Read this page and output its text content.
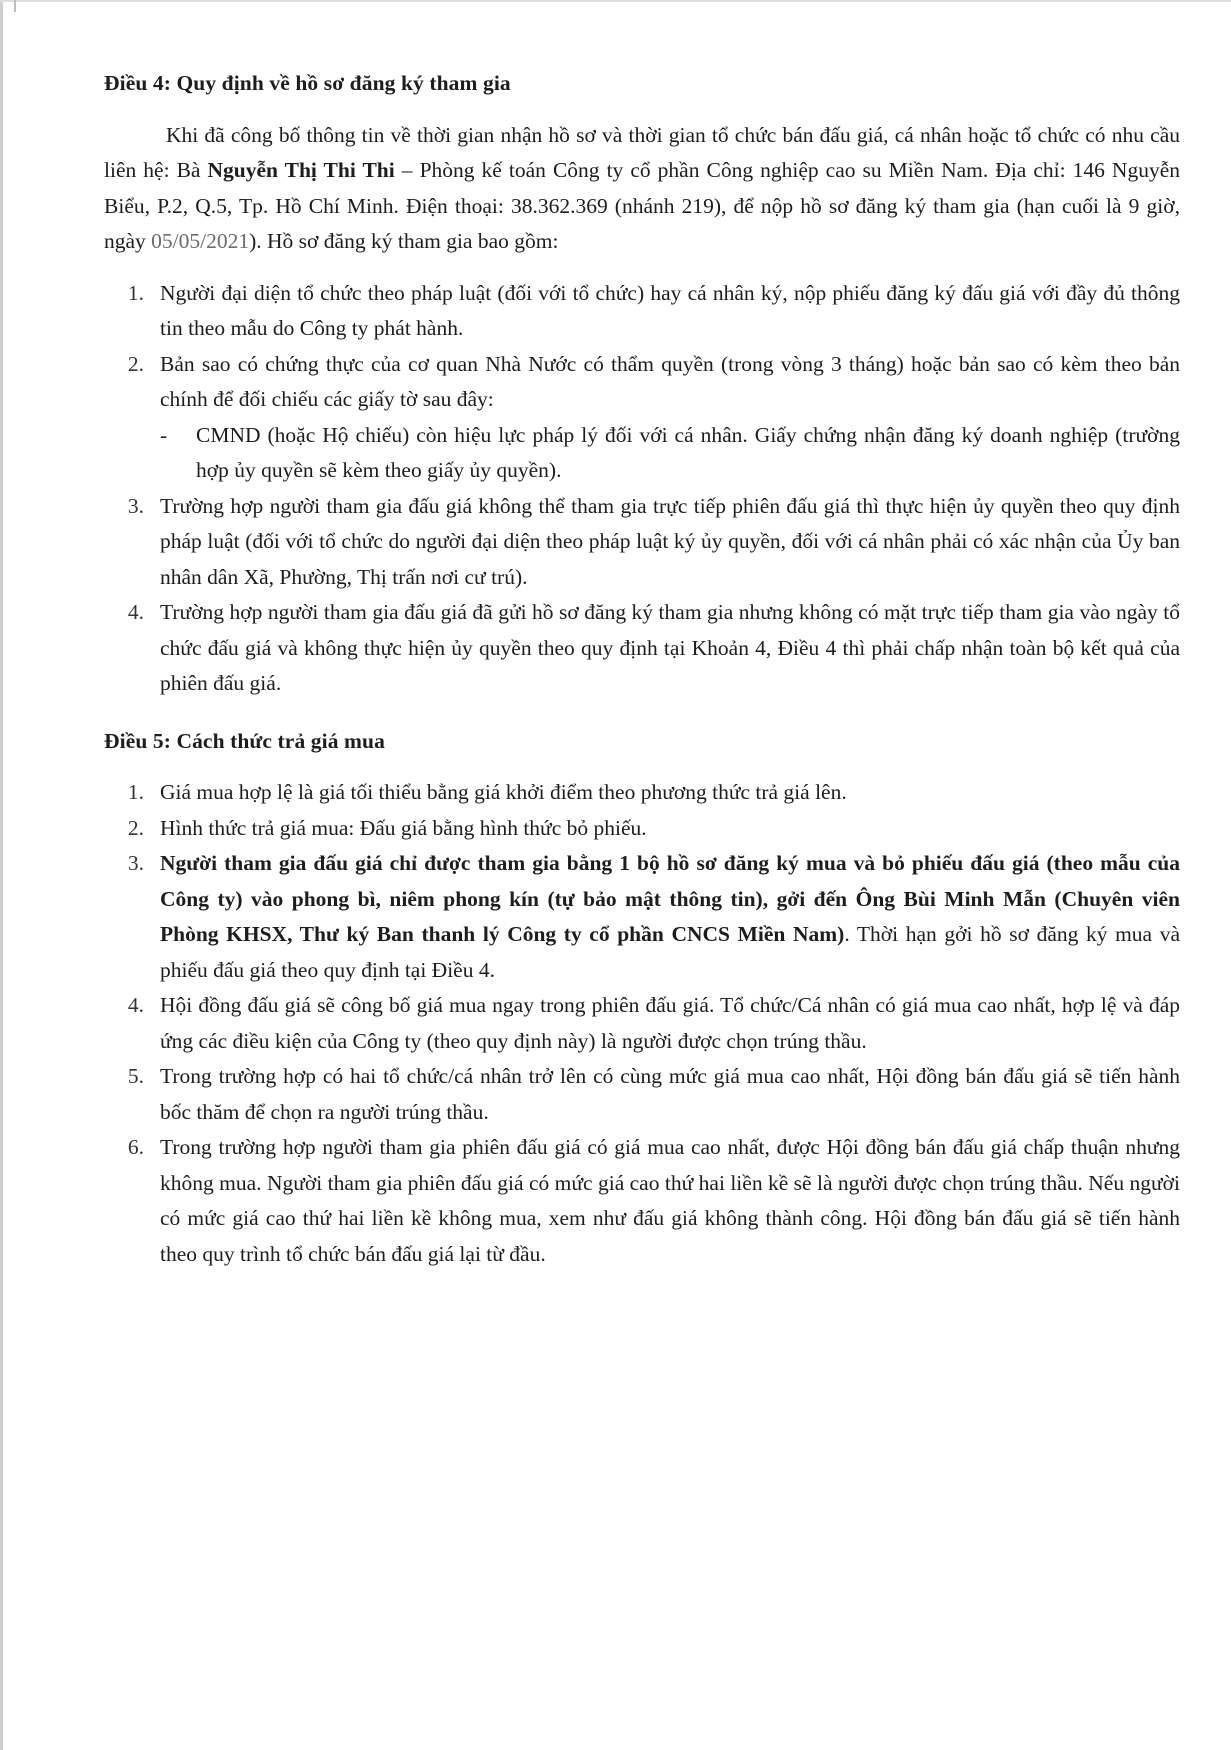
Điều 4: Quy định về hồ sơ đăng ký tham gia

Khi đã công bố thông tin về thời gian nhận hồ sơ và thời gian tổ chức bán đấu giá, cá nhân hoặc tổ chức có nhu cầu liên hệ: Bà Nguyễn Thị Thi Thi – Phòng kế toán Công ty cổ phần Công nghiệp cao su Miền Nam. Địa chỉ: 146 Nguyễn Biểu, P.2, Q.5, Tp. Hồ Chí Minh. Điện thoại: 38.362.369 (nhánh 219), để nộp hồ sơ đăng ký tham gia (hạn cuối là 9 giờ, ngày 05/05/2021). Hồ sơ đăng ký tham gia bao gồm:

1. Người đại diện tổ chức theo pháp luật (đối với tổ chức) hay cá nhân ký, nộp phiếu đăng ký đấu giá với đầy đủ thông tin theo mẫu do Công ty phát hành.
2. Bản sao có chứng thực của cơ quan Nhà Nước có thẩm quyền (trong vòng 3 tháng) hoặc bản sao có kèm theo bản chính để đối chiếu các giấy tờ sau đây:
-	CMND (hoặc Hộ chiếu) còn hiệu lực pháp lý đối với cá nhân. Giấy chứng nhận đăng ký doanh nghiệp (trường hợp ủy quyền sẽ kèm theo giấy ủy quyền).
3. Trường hợp người tham gia đấu giá không thể tham gia trực tiếp phiên đấu giá thì thực hiện ủy quyền theo quy định pháp luật (đối với tổ chức do người đại diện theo pháp luật ký ủy quyền, đối với cá nhân phải có xác nhận của Ủy ban nhân dân Xã, Phường, Thị trấn nơi cư trú).
4. Trường hợp người tham gia đấu giá đã gửi hồ sơ đăng ký tham gia nhưng không có mặt trực tiếp tham gia vào ngày tổ chức đấu giá và không thực hiện ủy quyền theo quy định tại Khoản 4, Điều 4 thì phải chấp nhận toàn bộ kết quả của phiên đấu giá.

Điều 5: Cách thức trả giá mua

1. Giá mua hợp lệ là giá tối thiểu bằng giá khởi điểm theo phương thức trả giá lên.
2. Hình thức trả giá mua: Đấu giá bằng hình thức bỏ phiếu.
3. Người tham gia đấu giá chỉ được tham gia bằng 1 bộ hồ sơ đăng ký mua và bỏ phiếu đấu giá (theo mẫu của Công ty) vào phong bì, niêm phong kín (tự bảo mật thông tin), gởi đến Ông Bùi Minh Mẫn (Chuyên viên Phòng KHSX, Thư ký Ban thanh lý Công ty cổ phần CNCS Miền Nam). Thời hạn gởi hồ sơ đăng ký mua và phiếu đấu giá theo quy định tại Điều 4.
4. Hội đồng đấu giá sẽ công bố giá mua ngay trong phiên đấu giá. Tổ chức/Cá nhân có giá mua cao nhất, hợp lệ và đáp ứng các điều kiện của Công ty (theo quy định này) là người được chọn trúng thầu.
5. Trong trường hợp có hai tổ chức/cá nhân trở lên có cùng mức giá mua cao nhất, Hội đồng bán đấu giá sẽ tiến hành bốc thăm để chọn ra người trúng thầu.
6. Trong trường hợp người tham gia phiên đấu giá có giá mua cao nhất, được Hội đồng bán đấu giá chấp thuận nhưng không mua. Người tham gia phiên đấu giá có mức giá cao thứ hai liền kề sẽ là người được chọn trúng thầu. Nếu người có mức giá cao thứ hai liền kề không mua, xem như đấu giá không thành công. Hội đồng bán đấu giá sẽ tiến hành theo quy trình tổ chức bán đấu giá lại từ đầu.
